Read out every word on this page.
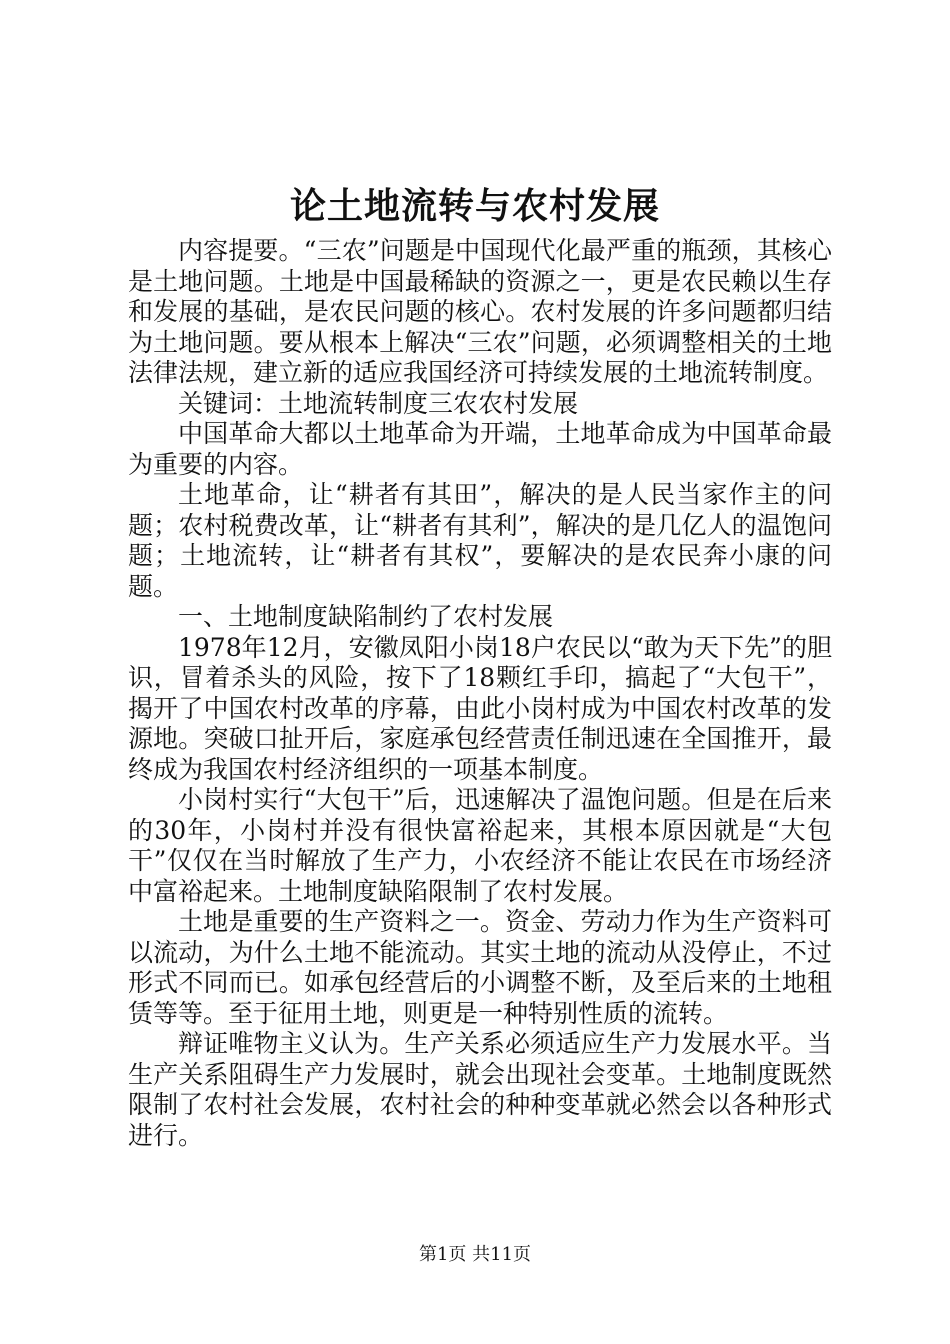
论土地流转与农村发展

内容提要。“三农”问题是中国现代化最严重的瓶颈，其核心是土地问题。土地是中国最稀缺的资源之一，更是农民赖以生存和发展的基础，是农民问题的核心。农村发展的许多问题都归结为土地问题。要从根本上解决“三农”问题，必须调整相关的土地法律法规，建立新的适应我国经济可持续发展的土地流转制度。

关键词：土地流转制度三农农村发展

中国革命大都以土地革命为开端，土地革命成为中国革命最为重要的内容。

土地革命，让“耕者有其田”，解决的是人民当家作主的问题；农村税费改革，让“耕者有其利”，解决的是几亿人的温饱问题；土地流转，让“耕者有其权”，要解决的是农民奔小康的问题。

一、土地制度缺陷制约了农村发展

1978年12月，安徽凤阳小岗18户农民以“敢为天下先”的胆识，冒着杀头的风险，按下了18颗红手印，搞起了“大包干”，揭开了中国农村改革的序幕，由此小岗村成为中国农村改革的发源地。突破口扯开后，家庭承包经营责任制迅速在全国推开，最终成为我国农村经济组织的一项基本制度。

小岗村实行“大包干”后，迅速解决了温饱问题。但是在后来的30年，小岗村并没有很快富裕起来，其根本原因就是“大包干”仅仅在当时解放了生产力，小农经济不能让农民在市场经济中富裕起来。土地制度缺陷限制了农村发展。

土地是重要的生产资料之一。资金、劳动力作为生产资料可以流动，为什么土地不能流动。其实土地的流动从没停止，不过形式不同而已。如承包经营后的小调整不断，及至后来的土地租赁等等。至于征用土地，则更是一种特别性质的流转。

辩证唯物主义认为。生产关系必须适应生产力发展水平。当生产关系阻碍生产力发展时，就会出现社会变革。土地制度既然限制了农村社会发展，农村社会的种种变革就必然会以各种形式进行。

第1页 共11页
